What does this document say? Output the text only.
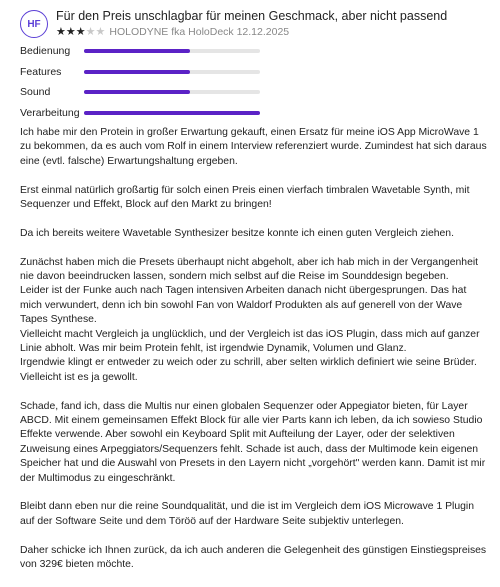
HF
Für den Preis unschlagbar für meinen Geschmack, aber nicht passend
★ ★ ★ ★ ★ HOLODYNE fka HoloDeck 12.12.2025
Bedienung
Features
Sound
Verarbeitung

Ich habe mir den Protein in großer Erwartung gekauft, einen Ersatz für meine iOS App MicroWave 1 zu bekommen, da es auch vom Rolf in einem Interview referenziert wurde. Zumindest hat sich daraus eine (evtl. falsche) Erwartungshaltung ergeben.

Erst einmal natürlich großartig für solch einen Preis einen vierfach timbralen Wavetable Synth, mit Sequenzer und Effekt, Block auf den Markt zu bringen!

Da ich bereits weitere Wavetable Synthesizer besitze konnte ich einen guten Vergleich ziehen.

Zunächst haben mich die Presets überhaupt nicht abgeholt, aber ich hab mich in der Vergangenheit nie davon beeindrucken lassen, sondern mich selbst auf die Reise im Sounddesign begeben.
Leider ist der Funke auch nach Tagen intensiven Arbeiten danach nicht übergesprungen. Das hat mich verwundert, denn ich bin sowohl Fan von Waldorf Produkten als auf generell von der Wave Tapes Synthese.
Vielleicht macht Vergleich ja unglücklich, und der Vergleich ist das iOS Plugin, dass mich auf ganzer Linie abholt. Was mir beim Protein fehlt, ist irgendwie Dynamik, Volumen und Glanz.
Irgendwie klingt er entweder zu weich oder zu schrill, aber selten wirklich definiert wie seine Brüder. Vielleicht ist es ja gewollt.

Schade, fand ich, dass die Multis nur einen globalen Sequenzer oder Appegiator bieten, für Layer ABCD. Mit einem gemeinsamen Effekt Block für alle vier Parts kann ich leben, da ich sowieso Studio Effekte verwende. Aber sowohl ein Keyboard Split mit Aufteilung der Layer, oder der selektiven Zuweisung eines Arpeggiators/Sequenzers fehlt. Schade ist auch, dass der Multimode kein eigenen Speicher hat und die Auswahl von Presets in den Layern nicht „vorgehört" werden kann. Damit ist mir der Multimodus zu eingeschränkt.

Bleibt dann eben nur die reine Soundqualität, und die ist im Vergleich dem iOS Microwave 1 Plugin auf der Software Seite und dem Töröö auf der Hardware Seite subjektiv unterlegen.

Daher schicke ich Ihnen zurück, da ich auch anderen die Gelegenheit des günstigen Einstiegspreises von 329€ bieten möchte.
